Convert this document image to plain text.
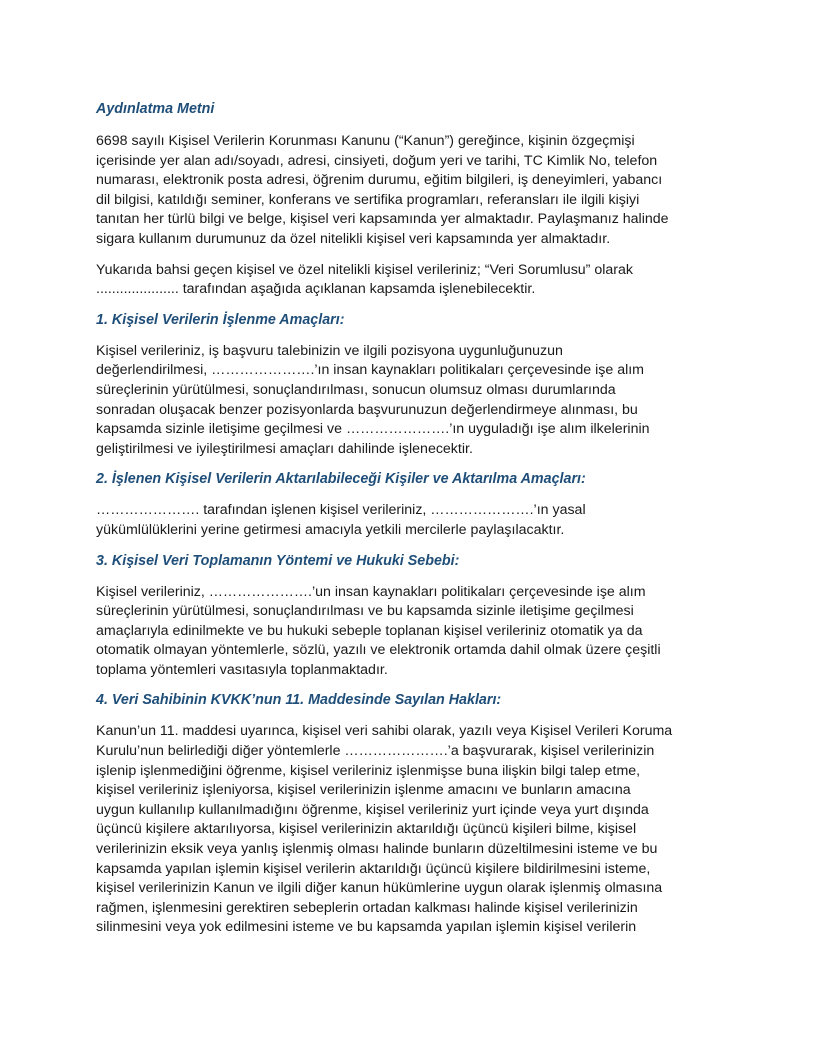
Aydınlatma Metni

6698 sayılı Kişisel Verilerin Korunması Kanunu (“Kanun”) gereğince, kişinin özgeçmişi
içerisinde yer alan adı/soyadı, adresi, cinsiyeti, doğum yeri ve tarihi, TC Kimlik No, telefon
numarası, elektronik posta adresi, öğrenim durumu, eğitim bilgileri, iş deneyimleri, yabancı
dil bilgisi, katıldığı seminer, konferans ve sertifika programları, referansları ile ilgili kişiyi
tanıtan her türlü bilgi ve belge, kişisel veri kapsamında yer almaktadır. Paylaşmanız halinde
sigara kullanım durumunuz da özel nitelikli kişisel veri kapsamında yer almaktadır.

Yukarıda bahsi geçen kişisel ve özel nitelikli kişisel verileriniz; “Veri Sorumlusu” olarak
..................... tarafından aşağıda açıklanan kapsamda işlenebilecektir.

1. Kişisel Verilerin İşlenme Amaçları:

Kişisel verileriniz, iş başvuru talebinizin ve ilgili pozisyona uygunluğunuzun
değerlendirilmesi, ………………….’ın insan kaynakları politikaları çerçevesinde işe alım
süreçlerinin yürütülmesi, sonuçlandırılması, sonucun olumsuz olması durumlarında
sonradan oluşacak benzer pozisyonlarda başvurunuzun değerlendirmeye alınması, bu
kapsamda sizinle iletişime geçilmesi ve ………………….’ın uyguladığı işe alım ilkelerinin
geliştirilmesi ve iyileştirilmesi amaçları dahilinde işlenecektir.

2. İşlenen Kişisel Verilerin Aktarılabileceği Kişiler ve Aktarılma Amaçları:

…………………. tarafından işlenen kişisel verileriniz, ………………….’ın yasal
yükümlülüklerini yerine getirmesi amacıyla yetkili mercilerle paylaşılacaktır.

3. Kişisel Veri Toplamanın Yöntemi ve Hukuki Sebebi:

Kişisel verileriniz, ………………….’un insan kaynakları politikaları çerçevesinde işe alım
süreçlerinin yürütülmesi, sonuçlandırılması ve bu kapsamda sizinle iletişime geçilmesi
amaçlarıyla edinilmekte ve bu hukuki sebeple toplanan kişisel verileriniz otomatik ya da
otomatik olmayan yöntemlerle, sözlü, yazılı ve elektronik ortamda dahil olmak üzere çeşitli
toplama yöntemleri vasıtasıyla toplanmaktadır.

4. Veri Sahibinin KVKK’nun 11. Maddesinde Sayılan Hakları:

Kanun’un 11. maddesi uyarınca, kişisel veri sahibi olarak, yazılı veya Kişisel Verileri Koruma
Kurulu’nun belirlediği diğer yöntemlerle ………………….’a başvurarak, kişisel verilerinizin
işlenip işlenmediğini öğrenme, kişisel verileriniz işlenmişse buna ilişkin bilgi talep etme,
kişisel verileriniz işleniyorsa, kişisel verilerinizin işlenme amacını ve bunların amacına
uygun kullanılıp kullanılmadığını öğrenme, kişisel verileriniz yurt içinde veya yurt dışında
üçüncü kişilere aktarılıyorsa, kişisel verilerinizin aktarıldığı üçüncü kişileri bilme, kişisel
verilerinizin eksik veya yanlış işlenmiş olması halinde bunların düzeltilmesini isteme ve bu
kapsamda yapılan işlemin kişisel verilerin aktarıldığı üçüncü kişilere bildirilmesini isteme,
kişisel verilerinizin Kanun ve ilgili diğer kanun hükümlerine uygun olarak işlenmiş olmasına
rağmen, işlenmesini gerektiren sebeplerin ortadan kalkması halinde kişisel verilerinizin
silinmesini veya yok edilmesini isteme ve bu kapsamda yapılan işlemin kişisel verilerin
